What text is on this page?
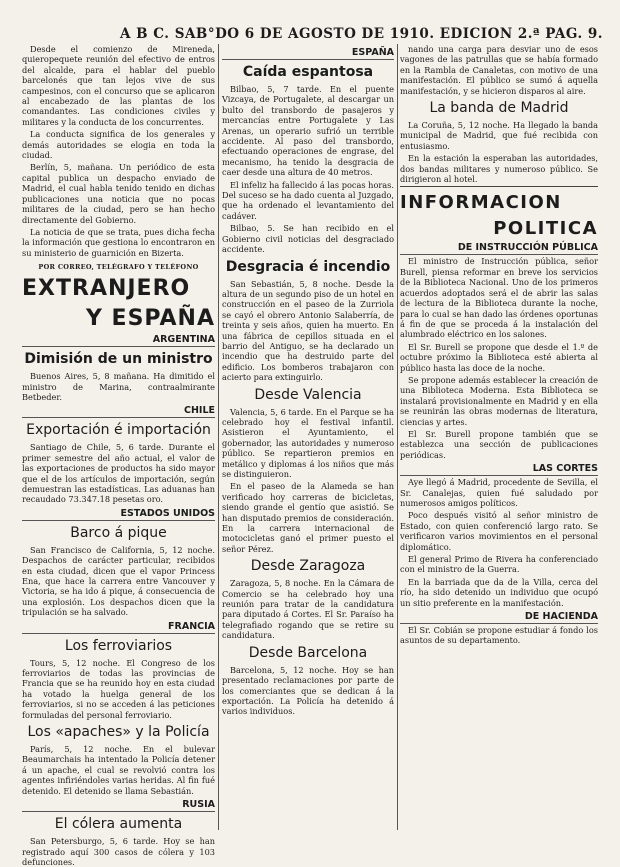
A B C. SAB°DO 6 DE AGOSTO DE 1910. EDICION 2.ª PAG. 9.

Desde el comienzo de Mireneda, quieropequete reunión del efectivo de entros del alcalde, para el hablar del pueblo barcelonés que tan lejos vive de sus campesinos, con el concurso que se aplicaron al encabezado de las plantas de los comandantes. Las condiciones civiles y militares y la conducta de los concurrentes.

La conducta significa de los generales y demás autoridades se elogia en toda la ciudad.

Berlín, 5, mañana. Un periódico de esta capital publica un despacho enviado de Madrid, el cual habla tenido tenido en dichas publicaciones una noticia que no pocas militares de la ciudad, pero se han hecho directamente del Gobierno.

La noticia de que se trata, pues dicha fecha la información que gestiona lo encontraron en su ministerio de guarnición en Bizerta.

POR CORREO, TELÉGRAFO Y TELÉFONO
EXTRANJERO
Y ESPAÑA
ARGENTINA
Dimisión de un ministro

Buenos Aires, 5, 8 mañana. Ha dimitido el ministro de Marina, contraalmirante Betbeder.

CHILE
Exportación é importación

Santiago de Chile, 5, 6 tarde. Durante el primer semestre del año actual, el valor de las exportaciones de productos ha sido mayor que el de los artículos de importación, según demuestran las estadísticas. Las aduanas han recaudado 73.347.18 pesetas oro.

ESTADOS UNIDOS
Barco á pique

San Francisco de California, 5, 12 noche. Despachos de carácter particular, recibidos en esta ciudad, dicen que el vapor Princess Ena, que hace la carrera entre Vancouver y Victoria, se ha ido á pique, á consecuencia de una explosión. Los despachos dicen que la tripulación se ha salvado.

FRANCIA
Los ferroviarios

Tours, 5, 12 noche. El Congreso de los ferroviarios de todas las provincias de Francia que se ha reunido hoy en esta ciudad ha votado la huelga general de los ferroviarios, si no se acceden á las peticiones formuladas del personal ferroviario.

Los «apaches» y la Policía

París, 5, 12 noche. En el bulevar Beaumarchais ha intentado la Policía detener á un apache, el cual se revolvió contra los agentes infiriéndoles varias heridas. Al fin fué detenido. El detenido se llama Sebastián.

RUSIA
El cólera aumenta

San Petersburgo, 5, 6 tarde. Hoy se han registrado aquí 300 casos de cólera y 103 defunciones.

ESPAÑA
Caída espantosa

Bilbao, 5, 7 tarde. En el puente Vizcaya, de Portugalete, al descargar un bulto del transbordo de pasajeros y mercancías entre Portugalete y Las Arenas, un operario sufrió un terrible accidente. Al paso del transbordo, efectuando operaciones de engrase, del mecanismo, ha tenido la desgracia de caer desde una altura de 40 metros.

El infeliz ha fallecido á las pocas horas. Del suceso se ha dado cuenta al Juzgado, que ha ordenado el levantamiento del cadáver.

Bilbao, 5. Se han recibido en el Gobierno civil noticias del desgraciado accidente.

Desgracia é incendio

San Sebastián, 5, 8 noche. Desde la altura de un segundo piso de un hotel en construcción en el paseo de la Zurriola se cayó el obrero Antonio Salaberría, de treinta y seis años, quien ha muerto. En una fábrica de cepillos situada en el barrio del Antiguo, se ha declarado un incendio que ha destruido parte del edificio. Los bomberos trabajaron con acierto para extinguirlo.

Desde Valencia

Valencia, 5, 6 tarde. En el Parque se ha celebrado hoy el festival infantil. Asistieron el Ayuntamiento, el gobernador, las autoridades y numeroso público. Se repartieron premios en metálico y diplomas á los niños que más se distinguieron.

En el paseo de la Alameda se han verificado hoy carreras de bicicletas, siendo grande el gentío que asistió. Se han disputado premios de consideración. En la carrera internacional de motocicletas ganó el primer puesto el señor Pérez.

Desde Zaragoza

Zaragoza, 5, 8 noche. En la Cámara de Comercio se ha celebrado hoy una reunión para tratar de la candidatura para diputado á Cortes. El Sr. Paraíso ha telegrafiado rogando que se retire su candidatura.

Desde Barcelona

Barcelona, 5, 12 noche. Hoy se han presentado reclamaciones por parte de los comerciantes que se dedican á la exportación. La Policía ha detenido á varios individuos.

nando una carga para desviar uno de esos vagones de las patrullas que se había formado en la Rambla de Canaletas, con motivo de una manifestación. El público se sumó á aquella manifestación, y se hicieron disparos al aire.

La banda de Madrid

La Coruña, 5, 12 noche. Ha llegado la banda municipal de Madrid, que fué recibida con entusiasmo.

En la estación la esperaban las autoridades, dos bandas militares y numeroso público. Se dirigieron al hotel.

INFORMACION
POLITICA
DE INSTRUCCIÓN PÚBLICA

El ministro de Instrucción pública, señor Burell, piensa reformar en breve los servicios de la Biblioteca Nacional. Uno de los primeros acuerdos adoptados será el de abrir las salas de lectura de la Biblioteca durante la noche, para lo cual se han dado las órdenes oportunas á fin de que se proceda á la instalación del alumbrado eléctrico en los salones.

El Sr. Burell se propone que desde el 1.º de octubre próximo la Biblioteca esté abierta al público hasta las doce de la noche.

Se propone además establecer la creación de una Biblioteca Moderna. Esta Biblioteca se instalará provisionalmente en Madrid y en ella se reunirán las obras modernas de literatura, ciencias y artes.

El Sr. Burell propone también que se establezca una sección de publicaciones periódicas.

LAS CORTES

Aye llegó á Madrid, procedente de Sevilla, el Sr. Canalejas, quien fué saludado por numerosos amigos políticos.

Poco después visitó al señor ministro de Estado, con quien conferenció largo rato. Se verificaron varios movimientos en el personal diplomático.

El general Primo de Rivera ha conferenciado con el ministro de la Guerra.

En la barriada que da de la Villa, cerca del río, ha sido detenido un individuo que ocupó un sitio preferente en la manifestación.

DE HACIENDA

El Sr. Cobián se propone estudiar á fondo los asuntos de su departamento.
